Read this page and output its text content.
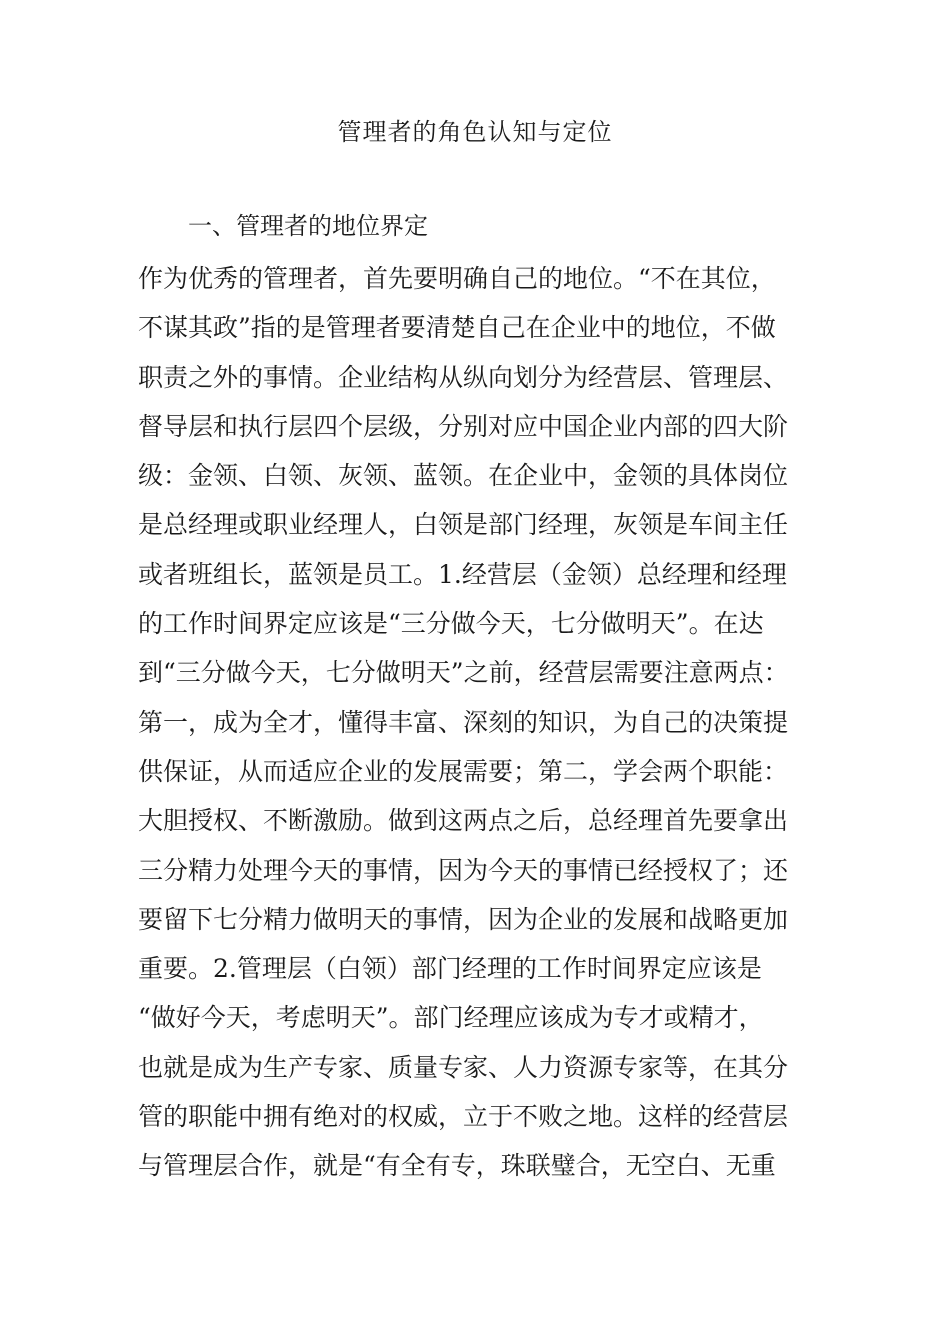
管理者的角色认知与定位
一、管理者的地位界定
作为优秀的管理者，首先要明确自己的地位。“不在其位，
不谋其政”指的是管理者要清楚自己在企业中的地位，不做
职责之外的事情。企业结构从纵向划分为经营层、管理层、
督导层和执行层四个层级，分别对应中国企业内部的四大阶
级：金领、白领、灰领、蓝领。在企业中，金领的具体岗位
是总经理或职业经理人，白领是部门经理，灰领是车间主任
或者班组长，蓝领是员工。1.经营层（金领）总经理和经理
的工作时间界定应该是“三分做今天，七分做明天”。在达
到“三分做今天，七分做明天”之前，经营层需要注意两点：
第一，成为全才，懂得丰富、深刻的知识，为自己的决策提
供保证，从而适应企业的发展需要；第二，学会两个职能：
大胆授权、不断激励。做到这两点之后，总经理首先要拿出
三分精力处理今天的事情，因为今天的事情已经授权了；还
要留下七分精力做明天的事情，因为企业的发展和战略更加
重要。2.管理层（白领）部门经理的工作时间界定应该是
“做好今天，考虑明天”。部门经理应该成为专才或精才，
也就是成为生产专家、质量专家、人力资源专家等，在其分
管的职能中拥有绝对的权威，立于不败之地。这样的经营层
与管理层合作，就是“有全有专，珠联璧合，无空白、无重
